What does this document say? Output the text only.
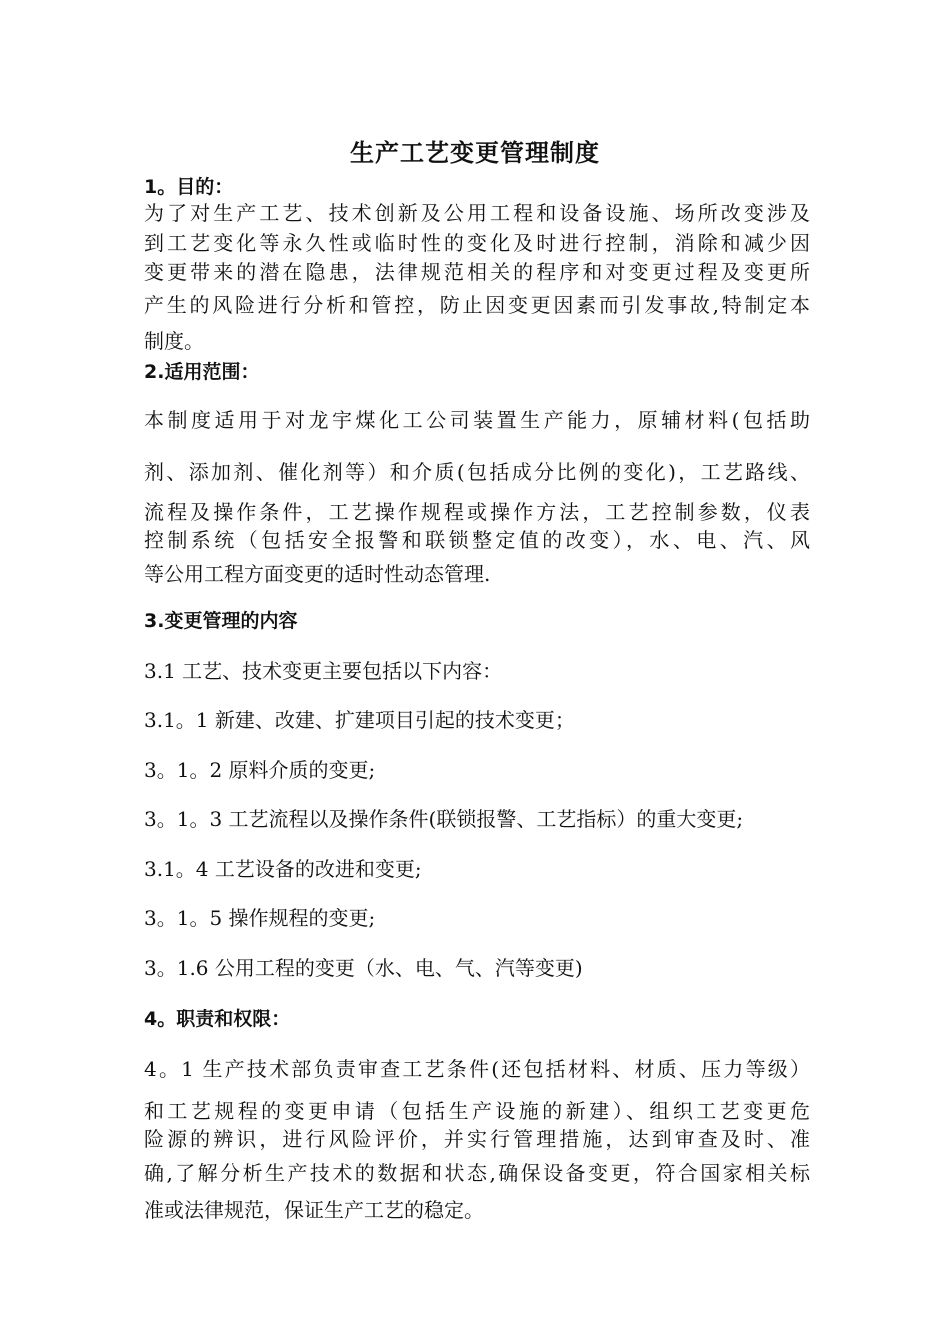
生产工艺变更管理制度
1。目的：
为了对生产工艺、技术创新及公用工程和设备设施、场所改变涉及
到工艺变化等永久性或临时性的变化及时进行控制，消除和减少因
变更带来的潜在隐患，法律规范相关的程序和对变更过程及变更所
产生的风险进行分析和管控，防止因变更因素而引发事故,特制定本
制度。
2.适用范围：
本制度适用于对龙宇煤化工公司装置生产能力，原辅材料(包括助
剂、添加剂、催化剂等）和介质(包括成分比例的变化)，工艺路线、
流程及操作条件，工艺操作规程或操作方法，工艺控制参数，仪表
控制系统（包括安全报警和联锁整定值的改变），水、电、汽、风
等公用工程方面变更的适时性动态管理.
3.变更管理的内容
3.1 工艺、技术变更主要包括以下内容：
3.1。1 新建、改建、扩建项目引起的技术变更；
3。1。2 原料介质的变更;
3。1。3 工艺流程以及操作条件(联锁报警、工艺指标）的重大变更;
3.1。4 工艺设备的改进和变更;
3。1。5 操作规程的变更;
3。1.6 公用工程的变更（水、电、气、汽等变更)
4。职责和权限：
4。1 生产技术部负责审查工艺条件(还包括材料、材质、压力等级）
和工艺规程的变更申请（包括生产设施的新建）、组织工艺变更危
险源的辨识，进行风险评价，并实行管理措施，达到审查及时、准
确,了解分析生产技术的数据和状态,确保设备变更，符合国家相关标
准或法律规范，保证生产工艺的稳定。
